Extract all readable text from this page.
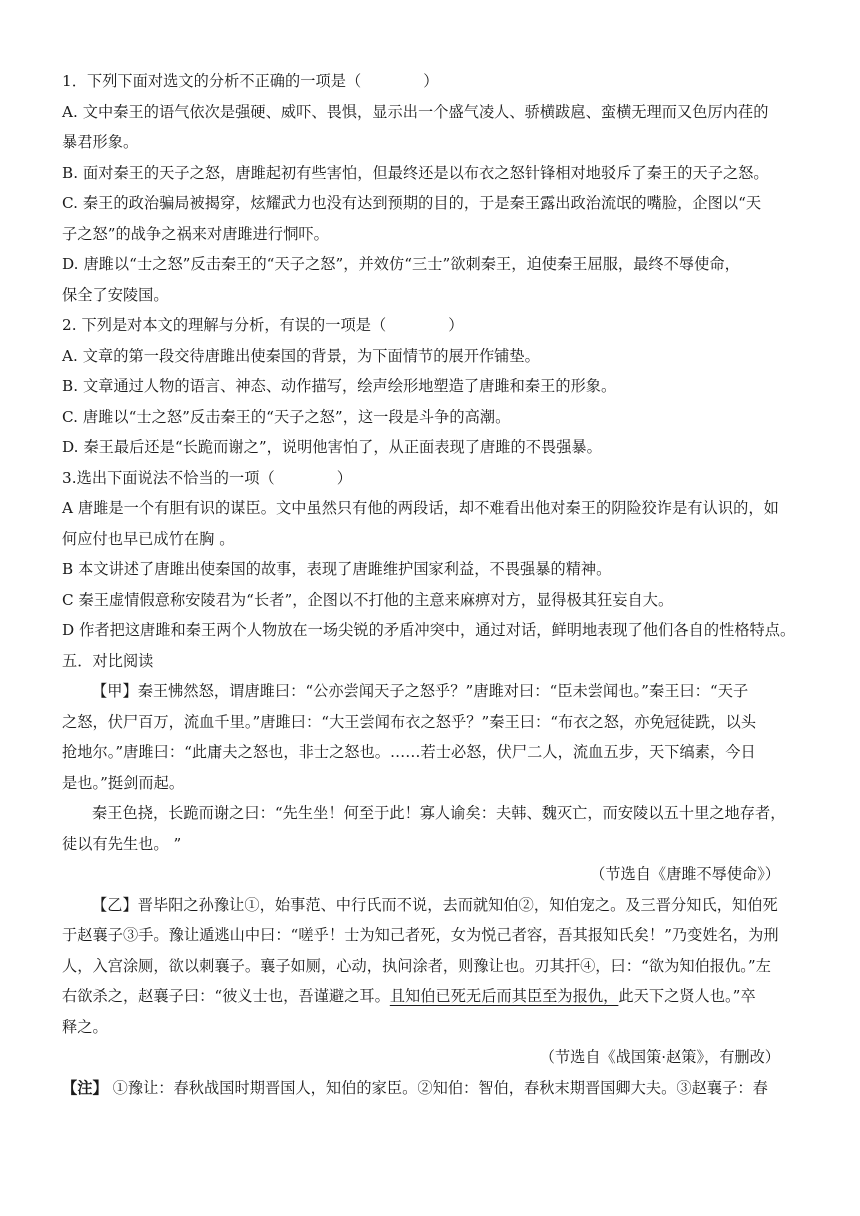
1．下列下面对选文的分析不正确的一项是（	）
A. 文中秦王的语气依次是强硬、威吓、畏惧，显示出一个盛气凌人、骄横跋扈、蛮横无理而又色厉内荏的
暴君形象。
B. 面对秦王的天子之怒，唐雎起初有些害怕，但最终还是以布衣之怒针锋相对地驳斥了秦王的天子之怒。
C. 秦王的政治骗局被揭穿，炫耀武力也没有达到预期的目的，于是秦王露出政治流氓的嘴脸，企图以“天
子之怒”的战争之祸来对唐雎进行恫吓。
D. 唐雎以“士之怒”反击秦王的“天子之怒”，并效仿“三士”欲刺秦王，迫使秦王屈服，最终不辱使命，
保全了安陵国。
2. 下列是对本文的理解与分析，有误的一项是（	）
A. 文章的第一段交待唐雎出使秦国的背景，为下面情节的展开作铺垫。
B. 文章通过人物的语言、神态、动作描写，绘声绘形地塑造了唐雎和秦王的形象。
C. 唐雎以“士之怒”反击秦王的“天子之怒”，这一段是斗争的高潮。
D. 秦王最后还是“长跪而谢之”，说明他害怕了，从正面表现了唐雎的不畏强暴。
3.选出下面说法不恰当的一项（	）
A 唐雎是一个有胆有识的谋臣。文中虽然只有他的两段话，却不难看出他对秦王的阴险狡诈是有认识的，如
何应付也早已成竹在胸 。
B 本文讲述了唐雎出使秦国的故事，表现了唐雎维护国家利益，不畏强暴的精神。
C 秦王虚情假意称安陵君为“长者”，企图以不打他的主意来麻痹对方，显得极其狂妄自大。
D 作者把这唐雎和秦王两个人物放在一场尖锐的矛盾冲突中，通过对话，鲜明地表现了他们各自的性格特点。
五．对比阅读
【甲】秦王怫然怒，谓唐雎曰：“公亦尝闻天子之怒乎？”唐雎对曰：“臣未尝闻也。”秦王曰：“天子
之怒，伏尸百万，流血千里。”唐雎曰：“大王尝闻布衣之怒乎？”秦王曰：“布衣之怒，亦免冠徒跣，以头
抢地尔。”唐雎曰：“此庸夫之怒也，非士之怒也。……若士必怒，伏尸二人，流血五步，天下缟素，今日
是也。”挺剑而起。
秦王色挠，长跪而谢之曰：“先生坐！何至于此！寡人谕矣：夫韩、魏灭亡，而安陵以五十里之地存者，
徒以有先生也。 ”
（节选自《唐雎不辱使命》）
【乙】晋毕阳之孙豫让①，始事范、中行氏而不说，去而就知伯②，知伯宠之。及三晋分知氏，知伯死
于赵襄子③手。豫让遁逃山中曰：“嗟乎！士为知己者死，女为悦己者容，吾其报知氏矣！”乃变姓名，为刑
人，入宫涂厕，欲以刺襄子。襄子如厕，心动，执问涂者，则豫让也。刃其扞④，曰：“欲为知伯报仇。”左
右欲杀之，赵襄子曰：“彼义士也，吾谨避之耳。且知伯已死无后而其臣至为报仇，此天下之贤人也。”卒
释之。
（节选自《战国策·赵策》，有删改）
【注】 ①豫让：春秋战国时期晋国人，知伯的家臣。②知伯：智伯，春秋末期晋国卿大夫。③赵襄子：春
